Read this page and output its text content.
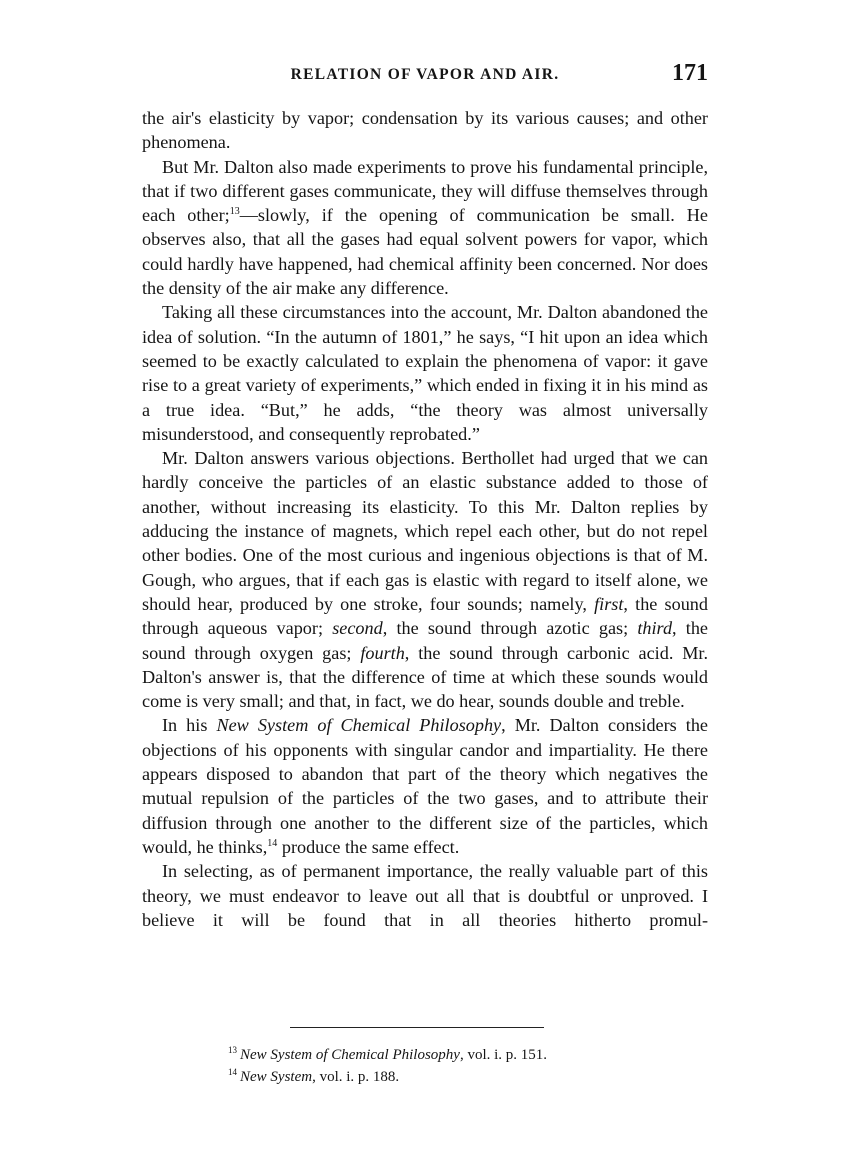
RELATION OF VAPOR AND AIR.	171

the air's elasticity by vapor; condensation by its various causes; and other phenomena.

But Mr. Dalton also made experiments to prove his fundamental principle, that if two different gases communicate, they will diffuse themselves through each other;$^{13}$—slowly, if the opening of communication be small. He observes also, that all the gases had equal solvent powers for vapor, which could hardly have happened, had chemical affinity been concerned. Nor does the density of the air make any difference.

Taking all these circumstances into the account, Mr. Dalton abandoned the idea of solution. “In the autumn of 1801,” he says, “I hit upon an idea which seemed to be exactly calculated to explain the phenomena of vapor: it gave rise to a great variety of experiments,” which ended in fixing it in his mind as a true idea. “But,” he adds, “the theory was almost universally misunderstood, and consequently reprobated.”

Mr. Dalton answers various objections. Berthollet had urged that we can hardly conceive the particles of an elastic substance added to those of another, without increasing its elasticity. To this Mr. Dalton replies by adducing the instance of magnets, which repel each other, but do not repel other bodies. One of the most curious and ingenious objections is that of M. Gough, who argues, that if each gas is elastic with regard to itself alone, we should hear, produced by one stroke, four sounds; namely, first, the sound through aqueous vapor; second, the sound through azotic gas; third, the sound through oxygen gas; fourth, the sound through carbonic acid. Mr. Dalton's answer is, that the difference of time at which these sounds would come is very small; and that, in fact, we do hear, sounds double and treble.

In his New System of Chemical Philosophy, Mr. Dalton considers the objections of his opponents with singular candor and impartiality. He there appears disposed to abandon that part of the theory which negatives the mutual repulsion of the particles of the two gases, and to attribute their diffusion through one another to the different size of the particles, which would, he thinks,$^{14}$ produce the same effect.

In selecting, as of permanent importance, the really valuable part of this theory, we must endeavor to leave out all that is doubtful or unproved. I believe it will be found that in all theories hitherto promul-

$^{13}$ New System of Chemical Philosophy, vol. i. p. 151.
$^{14}$ New System, vol. i. p. 188.
